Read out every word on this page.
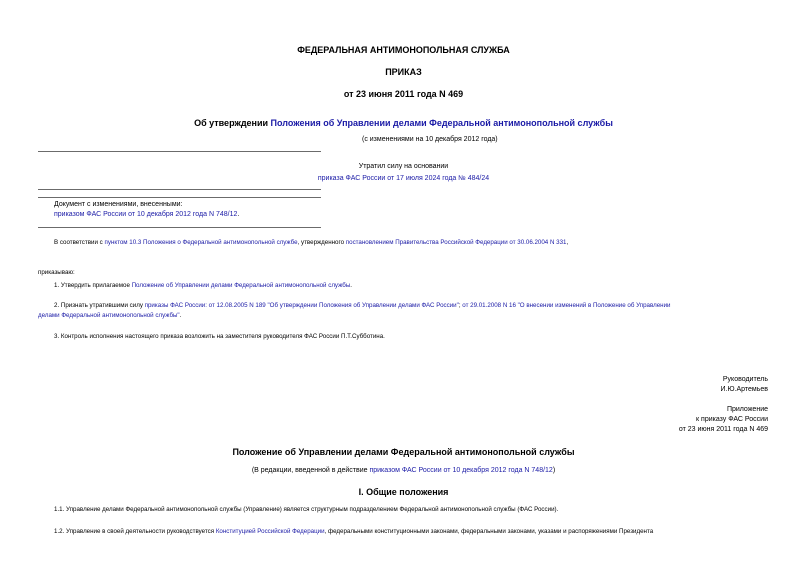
ФЕДЕРАЛЬНАЯ АНТИМОНОПОЛЬНАЯ СЛУЖБА
ПРИКАЗ
от 23 июня 2011 года N 469
Об утверждении Положения об Управлении делами Федеральной антимонопольной службы
(с изменениями на 10 декабря 2012 года)
Утратил силу на основании
приказа ФАС России от 17 июля 2024 года № 484/24
Документ с изменениями, внесенными:
приказом ФАС России от 10 декабря 2012 года N 748/12.
В соответствии с пунктом 10.3 Положения о Федеральной антимонопольной службе, утвержденного постановлением Правительства Российской Федерации от 30.06.2004 N 331,
приказываю:
1. Утвердить прилагаемое Положение об Управлении делами Федеральной антимонопольной службы.
2. Признать утратившими силу приказы ФАС России: от 12.08.2005 N 189 "Об утверждении Положения об Управлении делами ФАС России"; от 29.01.2008 N 16 "О внесении изменений в Положение об Управлении
делами Федеральной антимонопольной службы".
3. Контроль исполнения настоящего приказа возложить на заместителя руководителя ФАС России П.Т.Субботина.
Руководитель
И.Ю.Артемьев
Приложение
к приказу ФАС России
от 23 июня 2011 года N 469
Положение об Управлении делами Федеральной антимонопольной службы
(В редакции, введенной в действие приказом ФАС России от 10 декабря 2012 года N 748/12)
I. Общие положения
1.1. Управление делами Федеральной антимонопольной службы (Управление) является структурным подразделением Федеральной антимонопольной службы (ФАС России).
1.2. Управление в своей деятельности руководствуется Конституцией Российской Федерации, федеральными конституционными законами, федеральными законами, указами и распоряжениями Президента
